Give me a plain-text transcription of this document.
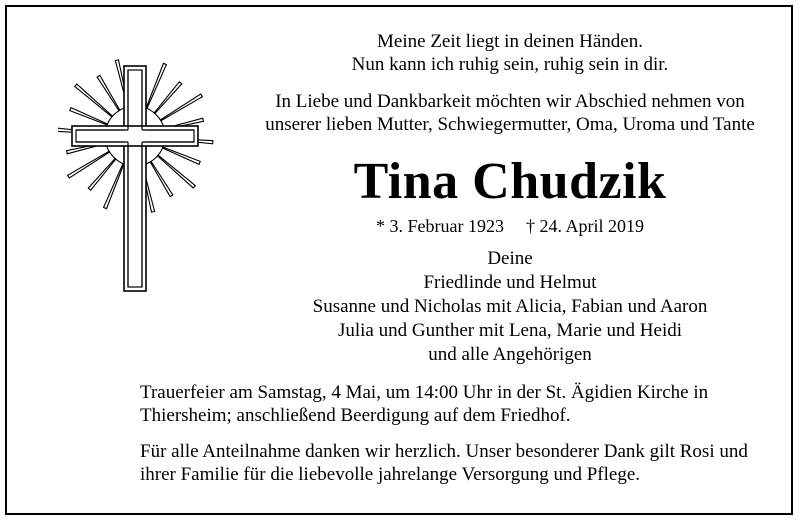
Meine Zeit liegt in deinen Händen.
Nun kann ich ruhig sein, ruhig sein in dir.
In Liebe und Dankbarkeit möchten wir Abschied nehmen von
unserer lieben Mutter, Schwiegermutter, Oma, Uroma und Tante
Tina Chudzik
* 3. Februar 1923 † 24. April 2019
Deine
Friedlinde und Helmut
Susanne und Nicholas mit Alicia, Fabian und Aaron
Julia und Gunther mit Lena, Marie und Heidi
und alle Angehörigen
Trauerfeier am Samstag, 4 Mai, um 14:00 Uhr in der St. Ägidien Kirche in
Thiersheim; anschließend Beerdigung auf dem Friedhof.
Für alle Anteilnahme danken wir herzlich. Unser besonderer Dank gilt Rosi und
ihrer Familie für die liebevolle jahrelange Versorgung und Pflege.
